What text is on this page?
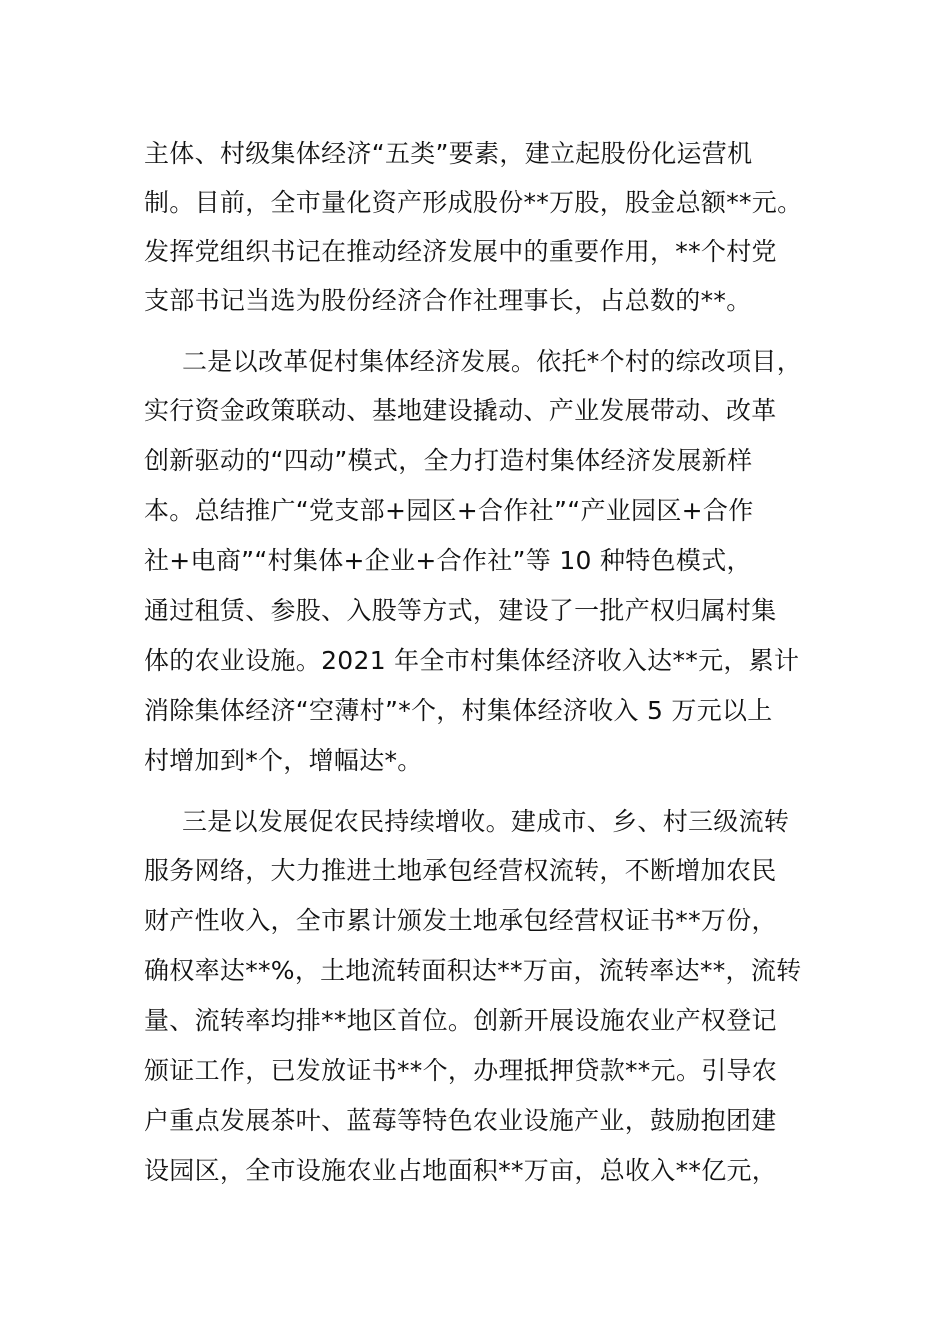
主体、村级集体经济“五类”要素，建立起股份化运营机
制。目前，全市量化资产形成股份**万股，股金总额**元。
发挥党组织书记在推动经济发展中的重要作用，**个村党
支部书记当选为股份经济合作社理事长，占总数的**。
二是以改革促村集体经济发展。依托*个村的综改项目，
实行资金政策联动、基地建设撬动、产业发展带动、改革
创新驱动的“四动”模式，全力打造村集体经济发展新样
本。总结推广“党支部+园区+合作社”“产业园区+合作
社+电商”“村集体+企业+合作社”等 10 种特色模式，
通过租赁、参股、入股等方式，建设了一批产权归属村集
体的农业设施。2021 年全市村集体经济收入达**元，累计
消除集体经济“空薄村”*个，村集体经济收入 5 万元以上
村增加到*个，增幅达*。
三是以发展促农民持续增收。建成市、乡、村三级流转
服务网络，大力推进土地承包经营权流转，不断增加农民
财产性收入，全市累计颁发土地承包经营权证书**万份，
确权率达**%，土地流转面积达**万亩，流转率达**，流转
量、流转率均排**地区首位。创新开展设施农业产权登记
颁证工作，已发放证书**个，办理抵押贷款**元。引导农
户重点发展茶叶、蓝莓等特色农业设施产业，鼓励抱团建
设园区，全市设施农业占地面积**万亩，总收入**亿元，
